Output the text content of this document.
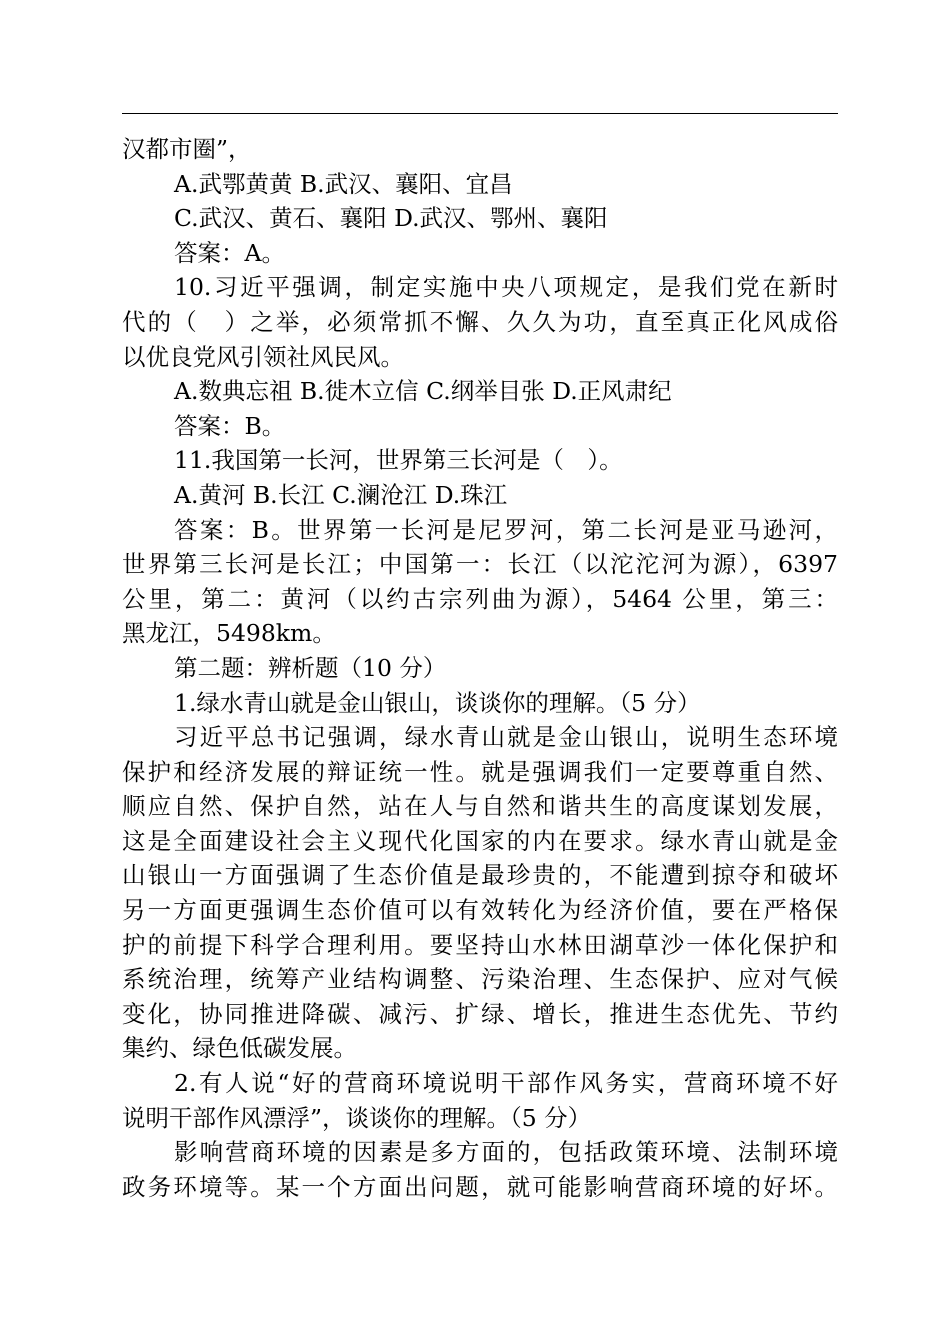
汉都市圈”，
A.武鄂黄黄 B.武汉、襄阳、宜昌
C.武汉、黄石、襄阳 D.武汉、鄂州、襄阳
答案：A。
10.习近平强调，制定实施中央八项规定，是我们党在新时
代的（　）之举，必须常抓不懈、久久为功，直至真正化风成俗
以优良党风引领社风民风。
A.数典忘祖 B.徙木立信 C.纲举目张 D.正风肃纪
答案：B。
11.我国第一长河，世界第三长河是（　）。
A.黄河 B.长江 C.澜沧江 D.珠江
答案：B。世界第一长河是尼罗河，第二长河是亚马逊河，
世界第三长河是长江；中国第一：长江（以沱沱河为源），6397
公里，第二：黄河（以约古宗列曲为源），5464 公里，第三：
黑龙江，5498km。
第二题：辨析题（10 分）
1.绿水青山就是金山银山，谈谈你的理解。（5 分）
习近平总书记强调，绿水青山就是金山银山，说明生态环境
保护和经济发展的辩证统一性。就是强调我们一定要尊重自然、
顺应自然、保护自然，站在人与自然和谐共生的高度谋划发展，
这是全面建设社会主义现代化国家的内在要求。绿水青山就是金
山银山一方面强调了生态价值是最珍贵的，不能遭到掠夺和破坏
另一方面更强调生态价值可以有效转化为经济价值，要在严格保
护的前提下科学合理利用。要坚持山水林田湖草沙一体化保护和
系统治理，统筹产业结构调整、污染治理、生态保护、应对气候
变化，协同推进降碳、减污、扩绿、增长，推进生态优先、节约
集约、绿色低碳发展。
2.有人说“好的营商环境说明干部作风务实，营商环境不好
说明干部作风漂浮”，谈谈你的理解。（5 分）
影响营商环境的因素是多方面的，包括政策环境、法制环境
政务环境等。某一个方面出问题，就可能影响营商环境的好坏。
